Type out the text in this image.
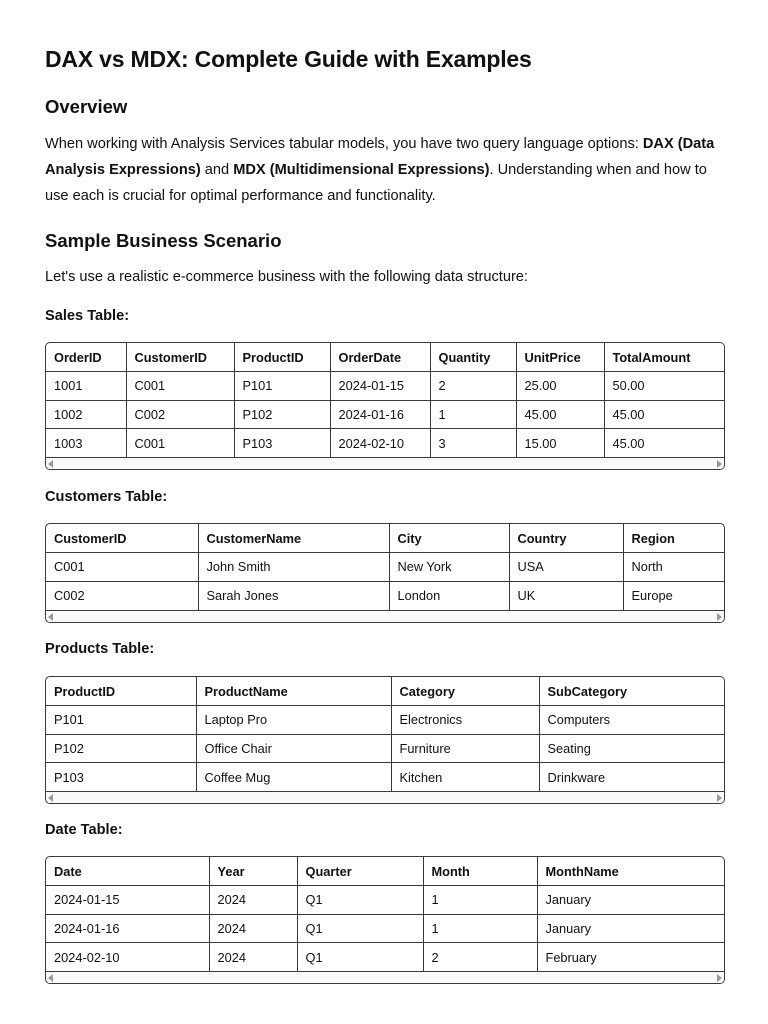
DAX vs MDX: Complete Guide with Examples
Overview

When working with Analysis Services tabular models, you have two query language options: DAX (Data Analysis Expressions) and MDX (Multidimensional Expressions). Understanding when and how to use each is crucial for optimal performance and functionality.

Sample Business Scenario

Let's use a realistic e-commerce business with the following data structure:

Sales Table:
OrderID	CustomerID	ProductID	OrderDate	Quantity	UnitPrice	TotalAmount
1001	C001	P101	2024-01-15	2	25.00	50.00
1002	C002	P102	2024-01-16	1	45.00	45.00
1003	C001	P103	2024-02-10	3	15.00	45.00
Customers Table:
CustomerID	CustomerName	City	Country	Region
C001	John Smith	New York	USA	North
C002	Sarah Jones	London	UK	Europe
Products Table:
ProductID	ProductName	Category	SubCategory
P101	Laptop Pro	Electronics	Computers
P102	Office Chair	Furniture	Seating
P103	Coffee Mug	Kitchen	Drinkware
Date Table:
Date	Year	Quarter	Month	MonthName
2024-01-15	2024	Q1	1	January
2024-01-16	2024	Q1	1	January
2024-02-10	2024	Q1	2	February
